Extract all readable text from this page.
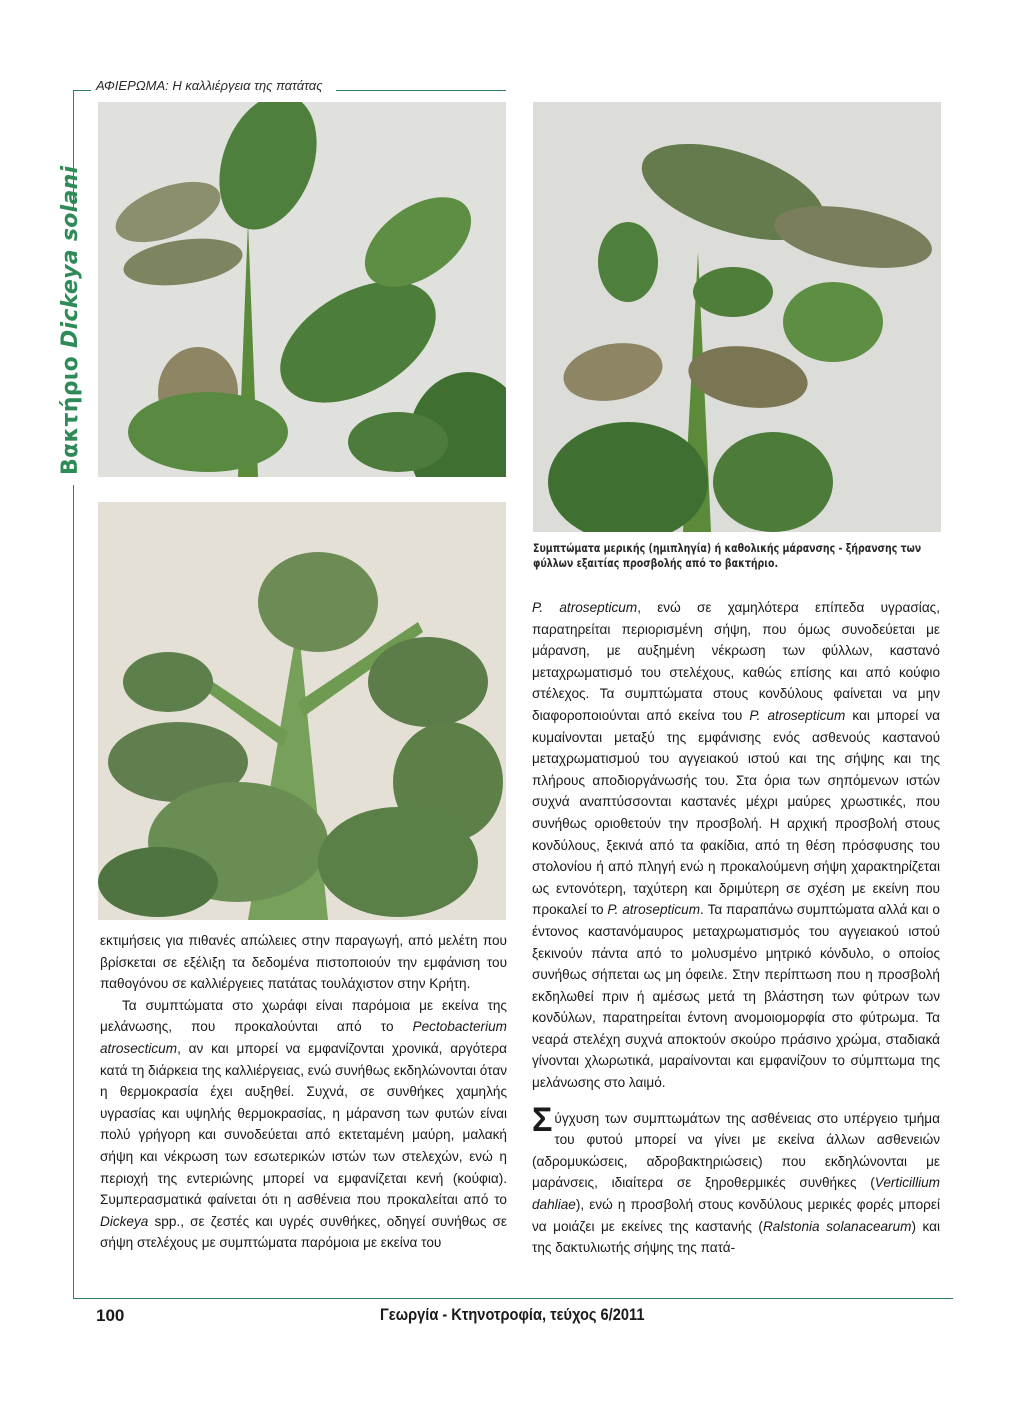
ΑΦΙΕΡΩΜΑ: Η καλλιέργεια της πατάτας
Βακτήριο Dickeya solani
Συμπτώματα μερικής (ημιπληγία) ή καθολικής μάρανσης - ξήρανσης των φύλλων εξαιτίας προσβολής από το βακτήριο.

εκτιμήσεις για πιθανές απώλειες στην παραγωγή, από μελέτη που βρίσκεται σε εξέλιξη τα δεδομένα πιστοποιούν την εμφάνιση του παθογόνου σε καλλιέργειες πατάτας τουλάχιστον στην Κρήτη.

Τα συμπτώματα στο χωράφι είναι παρόμοια με εκείνα της μελάνωσης, που προκαλούνται από το Pectobacterium atrosecticum, αν και μπορεί να εμφανίζονται χρονικά, αργότερα κατά τη διάρκεια της καλλιέργειας, ενώ συνήθως εκδηλώνονται όταν η θερμοκρασία έχει αυξηθεί. Συχνά, σε συνθήκες χαμηλής υγρασίας και υψηλής θερμοκρασίας, η μάρανση των φυτών είναι πολύ γρήγορη και συνοδεύεται από εκτεταμένη μαύρη, μαλακή σήψη και νέκρωση των εσωτερικών ιστών των στελεχών, ενώ η περιοχή της εντεριώνης μπορεί να εμφανίζεται κενή (κούφια). Συμπερασματικά φαίνεται ότι η ασθένεια που προκαλείται από το Dickeya spp., σε ζεστές και υγρές συνθήκες, οδηγεί συνήθως σε σήψη στελέχους με συμπτώματα παρόμοια με εκείνα του

P. atrosepticum, ενώ σε χαμηλότερα επίπεδα υγρασίας, παρατηρείται περιορισμένη σήψη, που όμως συνοδεύεται με μάρανση, με αυξημένη νέκρωση των φύλλων, καστανό μεταχρωματισμό του στελέχους, καθώς επίσης και από κούφιο στέλεχος. Τα συμπτώματα στους κονδύλους φαίνεται να μην διαφοροποιούνται από εκείνα του P. atrosepticum και μπορεί να κυμαίνονται μεταξύ της εμφάνισης ενός ασθενούς καστανού μεταχρωματισμού του αγγειακού ιστού και της σήψης και της πλήρους αποδιοργάνωσής του. Στα όρια των σηπόμενων ιστών συχνά αναπτύσσονται καστανές μέχρι μαύρες χρωστικές, που συνήθως οριοθετούν την προσβολή. Η αρχική προσβολή στους κονδύλους, ξεκινά από τα φακίδια, από τη θέση πρόσφυσης του στολονίου ή από πληγή ενώ η προκαλούμενη σήψη χαρακτηρίζεται ως εντονότερη, ταχύτερη και δριμύτερη σε σχέση με εκείνη που προκαλεί το P. atrosepticum. Τα παραπάνω συμπτώματα αλλά και ο έντονος καστανόμαυρος μεταχρωματισμός του αγγειακού ιστού ξεκινούν πάντα από το μολυσμένο μητρικό κόνδυλο, ο οποίος συνήθως σήπεται ως μη όφειλε. Στην περίπτωση που η προσβολή εκδηλωθεί πριν ή αμέσως μετά τη βλάστηση των φύτρων των κονδύλων, παρατηρείται έντονη ανομοιομορφία στο φύτρωμα. Τα νεαρά στελέχη συχνά αποκτούν σκούρο πράσινο χρώμα, σταδιακά γίνονται χλωρωτικά, μαραίνονται και εμφανίζουν το σύμπτωμα της μελάνωσης στο λαιμό.

Σύγχυση των συμπτωμάτων της ασθένειας στο υπέργειο τμήμα του φυτού μπορεί να γίνει με εκείνα άλλων ασθενειών (αδρομυκώσεις, αδροβακτηριώσεις) που εκδηλώνονται με μαράνσεις, ιδιαίτερα σε ξηροθερμικές συνθήκες (Verticillium dahliae), ενώ η προσβολή στους κονδύλους μερικές φορές μπορεί να μοιάζει με εκείνες της καστανής (Ralstonia solanacearum) και της δακτυλιωτής σήψης της πατά-

100	Γεωργία - Κτηνοτροφία, τεύχος 6/2011
